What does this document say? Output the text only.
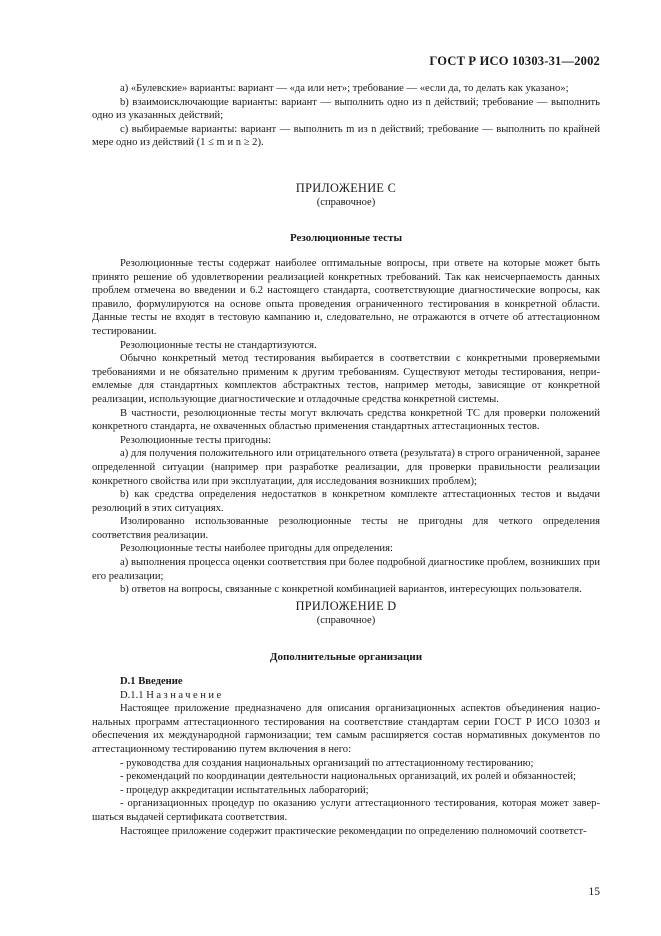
ГОСТ Р ИСО 10303-31—2002

а) «Булевские» варианты: вариант — «да или нет»; требование — «если да, то делать как указано»;

b) взаимоисключающие варианты: вариант — выполнить одно из n действий; требование — выполнить одно из указанных действий;

с) выбираемые варианты: вариант — выполнить m из n действий; требование — выполнить по крайней мере одно из действий (1 ≤ m и n ≥ 2).

ПРИЛОЖЕНИЕ С
(справочное)
Резолюционные тесты

Резолюционные тесты содержат наиболее оптимальные вопросы, при ответе на которые может быть принято решение об удовлетворении реализацией конкретных требований. Так как неисчерпаемость данных проблем отмечена во введении и 6.2 настоящего стандарта, соответствующие диагностические вопросы, как правило, формулируются на основе опыта проведения ограниченного тестирования в конкретной области. Данные тесты не входят в тестовую кампанию и, следовательно, не отражаются в отчете об аттестационном тестировании.

Резолюционные тесты не стандартизуются.

Обычно конкретный метод тестирования выбирается в соответствии с конкретными проверяемыми требованиями и не обязательно применим к другим требованиям. Существуют методы тестирования, неприемлемые для стандартных комплектов абстрактных тестов, например методы, зависящие от конкретной реализации, использующие диагностические и отладочные средства конкретной системы.

В частности, резолюционные тесты могут включать средства конкретной ТС для проверки положений конкретного стандарта, не охваченных областью применения стандартных аттестационных тестов.

Резолюционные тесты пригодны:

а) для получения положительного или отрицательного ответа (результата) в строго ограниченной, заранее определенной ситуации (например при разработке реализации, для проверки правильности реализации конкретного свойства или при эксплуатации, для исследования возникших проблем);

b) как средства определения недостатков в конкретном комплекте аттестационных тестов и выдачи резолюций в этих ситуациях.

Изолированно использованные резолюционные тесты не пригодны для четкого определения соответствия реализации.

Резолюционные тесты наиболее пригодны для определения:

а) выполнения процесса оценки соответствия при более подробной диагностике проблем, возникших при его реализации;

b) ответов на вопросы, связанные с конкретной комбинацией вариантов, интересующих пользователя.

ПРИЛОЖЕНИЕ D
(справочное)
Дополнительные организации

D.1 Введение

D.1.1 Назначение

Настоящее приложение предназначено для описания организационных аспектов объединения национальных программ аттестационного тестирования на соответствие стандартам серии ГОСТ Р ИСО 10303 и обеспечения их международной гармонизации; тем самым расширяется состав нормативных документов по аттестационному тестированию путем включения в него:

- руководства для создания национальных организаций по аттестационному тестированию;

- рекомендаций по координации деятельности национальных организаций, их ролей и обязанностей;

- процедур аккредитации испытательных лабораторий;

- организационных процедур по оказанию услуги аттестационного тестирования, которая может завершаться выдачей сертификата соответствия.

Настоящее приложение содержит практические рекомендации по определению полномочий соответст-

15
